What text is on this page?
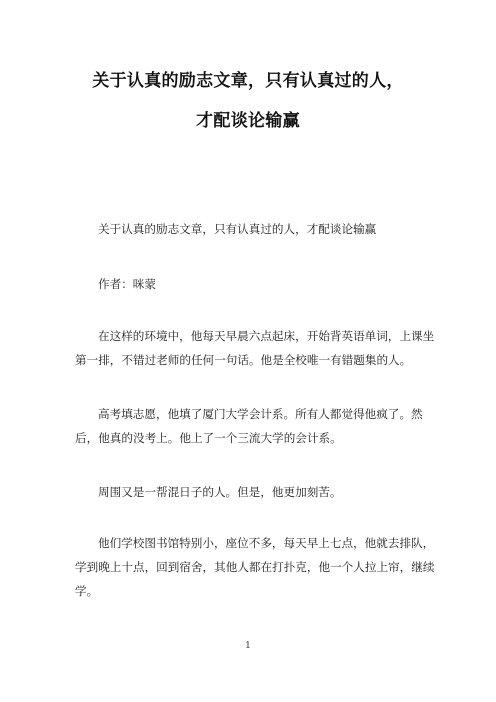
关于认真的励志文章，只有认真过的人，
才配谈论输赢
关于认真的励志文章，只有认真过的人，才配谈论输赢
作者：咪蒙
在这样的环境中，他每天早晨六点起床，开始背英语单词，上课坐第一排，不错过老师的任何一句话。他是全校唯一有错题集的人。
高考填志愿，他填了厦门大学会计系。所有人都觉得他疯了。然后，他真的没考上。他上了一个三流大学的会计系。
周围又是一帮混日子的人。但是，他更加刻苦。
他们学校图书馆特别小，座位不多，每天早上七点，他就去排队，学到晚上十点，回到宿舍，其他人都在打扑克，他一个人拉上帘，继续学。
1
